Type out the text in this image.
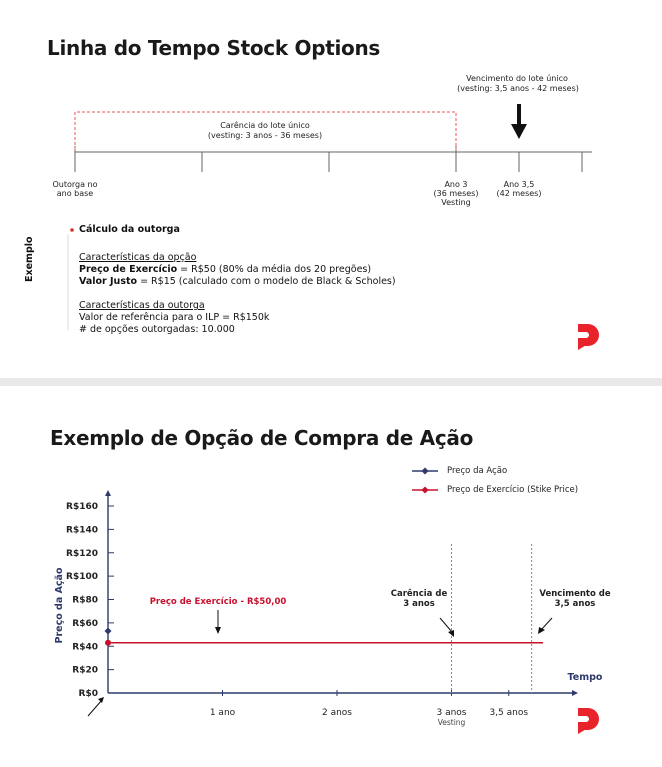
Linha do Tempo Stock Options
Vencimento do lote único
(vesting: 3,5 anos - 42 meses)
Carência do lote único
(vesting: 3 anos - 36 meses)
Outorga no
ano base
Ano 3
(36 meses)
Vesting
Ano 3,5
(42 meses)
Exemplo
Cálculo da outorga
Características da opção
Preço de Exercício = R$50 (80% da média dos 20 pregões)
Valor Justo = R$15 (calculado com o modelo de Black & Scholes)
Características da outorga
Valor de referência para o ILP = R$150k
# de opções outorgadas: 10.000
Exemplo de Opção de Compra de Ação
R$0
R$20
R$40
R$60
R$80
R$100
R$120
R$140
R$160
1 ano	2 anos	3 anos	3,5 anos
Vesting
Preço da Ação
Tempo
Preço de Exercício - R$50,00
Carência de
3 anos
Vencimento de
3,5 anos
Preço da Ação
Preço de Exercício (Stike Price)
